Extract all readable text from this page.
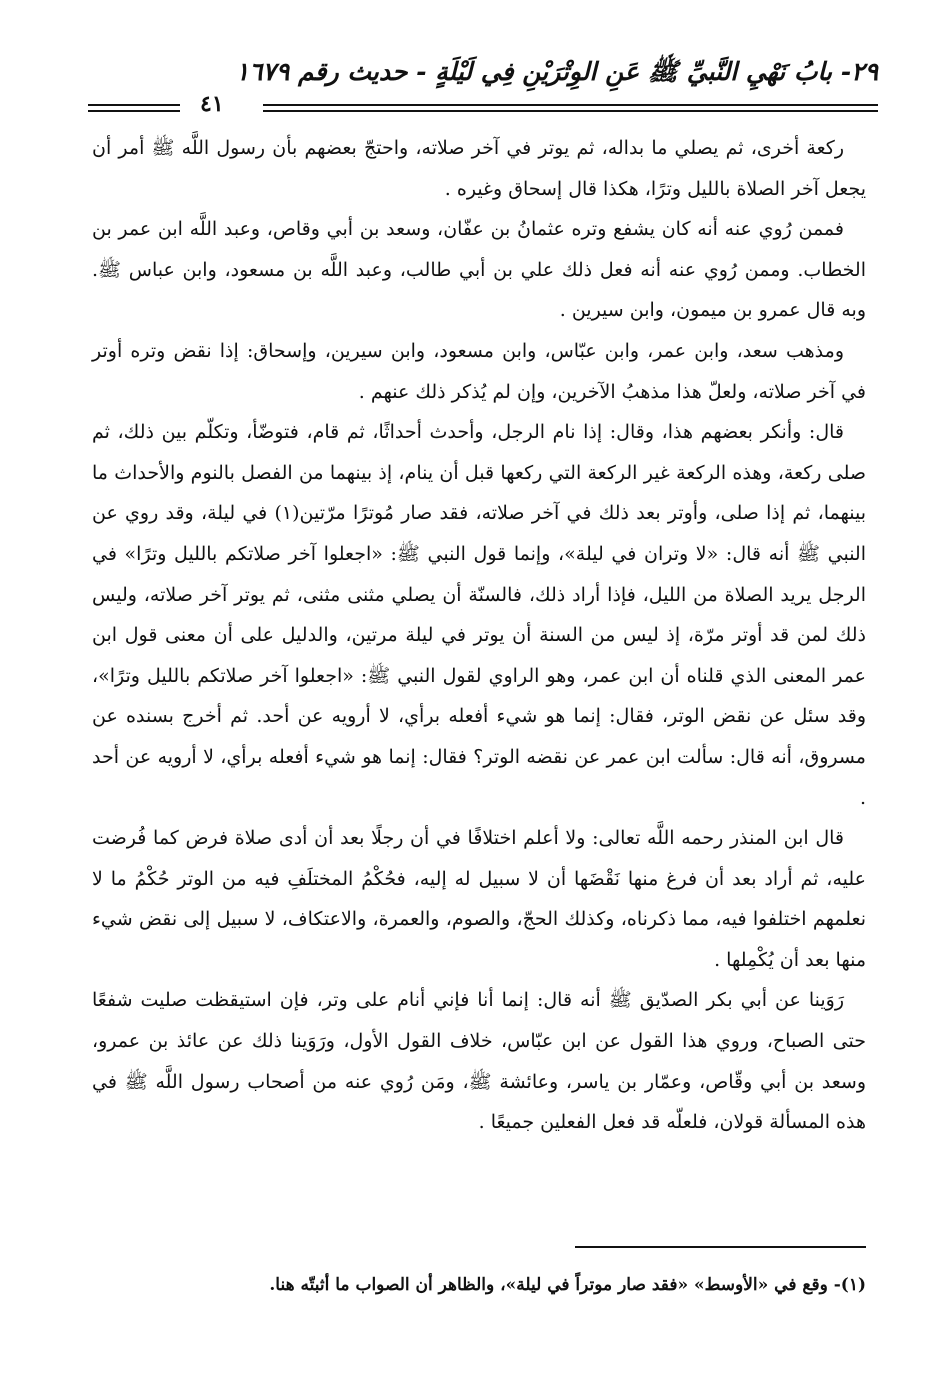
٢٩- بابُ نَهْيِ النَّبيِّ ﷺ عَنِ الوِتْرَيْنِ فِي لَيْلَةٍ - حديث رقم ١٦٧٩
٤١

ركعة أخرى، ثم يصلي ما بداله، ثم يوتر في آخر صلاته، واحتجّ بعضهم بأن رسول اللَّه ﷺ أمر أن يجعل آخر الصلاة بالليل وترًا، هكذا قال إسحاق وغيره .

فممن رُوي عنه أنه كان يشفع وتره عثمانُ بن عفّان، وسعد بن أبي وقاص، وعبد اللَّه ابن عمر بن الخطاب. وممن رُوي عنه أنه فعل ذلك علي بن أبي طالب، وعبد اللَّه بن مسعود، وابن عباس ﷺ. وبه قال عمرو بن ميمون، وابن سيرين .

ومذهب سعد، وابن عمر، وابن عبّاس، وابن مسعود، وابن سيرين، وإسحاق: إذا نقض وتره أوتر في آخر صلاته، ولعلّ هذا مذهبُ الآخرين، وإن لم يُذكر ذلك عنهم .

قال: وأنكر بعضهم هذا، وقال: إذا نام الرجل، وأحدث أحداثًا، ثم قام، فتوضّأ، وتكلّم بين ذلك، ثم صلى ركعة، وهذه الركعة غير الركعة التي ركعها قبل أن ينام، إذ بينهما من الفصل بالنوم والأحداث ما بينهما، ثم إذا صلى، وأوتر بعد ذلك في آخر صلاته، فقد صار مُوترًا مرّتين(١) في ليلة، وقد روي عن النبي ﷺ أنه قال: «لا وتران في ليلة»، وإنما قول النبي ﷺ: «اجعلوا آخر صلاتكم بالليل وترًا» في الرجل يريد الصلاة من الليل، فإذا أراد ذلك، فالسنّة أن يصلي مثنى مثنى، ثم يوتر آخر صلاته، وليس ذلك لمن قد أوتر مرّة، إذ ليس من السنة أن يوتر في ليلة مرتين، والدليل على أن معنى قول ابن عمر المعنى الذي قلناه أن ابن عمر، وهو الراوي لقول النبي ﷺ: «اجعلوا آخر صلاتكم بالليل وترًا»، وقد سئل عن نقض الوتر، فقال: إنما هو شيء أفعله برأي، لا أرويه عن أحد. ثم أخرج بسنده عن مسروق، أنه قال: سألت ابن عمر عن نقضه الوتر؟ فقال: إنما هو شيء أفعله برأي، لا أرويه عن أحد .

قال ابن المنذر رحمه اللَّه تعالى: ولا أعلم اختلافًا في أن رجلًا بعد أن أدى صلاة فرض كما فُرضت عليه، ثم أراد بعد أن فرغ منها نَقْضَها أن لا سبيل له إليه، فحُكْمُ المختلَفِ فيه من الوتر حُكْمُ ما لا نعلمهم اختلفوا فيه، مما ذكرناه، وكذلك الحجّ، والصوم، والعمرة، والاعتكاف، لا سبيل إلى نقض شيء منها بعد أن يُكْمِلها .

رَوَينا عن أبي بكر الصدّيق ﷺ أنه قال: إنما أنا فإني أنام على وتر، فإن استيقظت صليت شفعًا حتى الصباح، وروي هذا القول عن ابن عبّاس، خلاف القول الأول، ورَوَينا ذلك عن عائذ بن عمرو، وسعد بن أبي وقّاص، وعمّار بن ياسر، وعائشة ﷺ، ومَن رُوي عنه من أصحاب رسول اللَّه ﷺ في هذه المسألة قولان، فلعلّه قد فعل الفعلين جميعًا .

(١)- وقع في «الأوسط» «فقد صار موتراً في ليلة»، والظاهر أن الصواب ما أثبتّه هنا.
